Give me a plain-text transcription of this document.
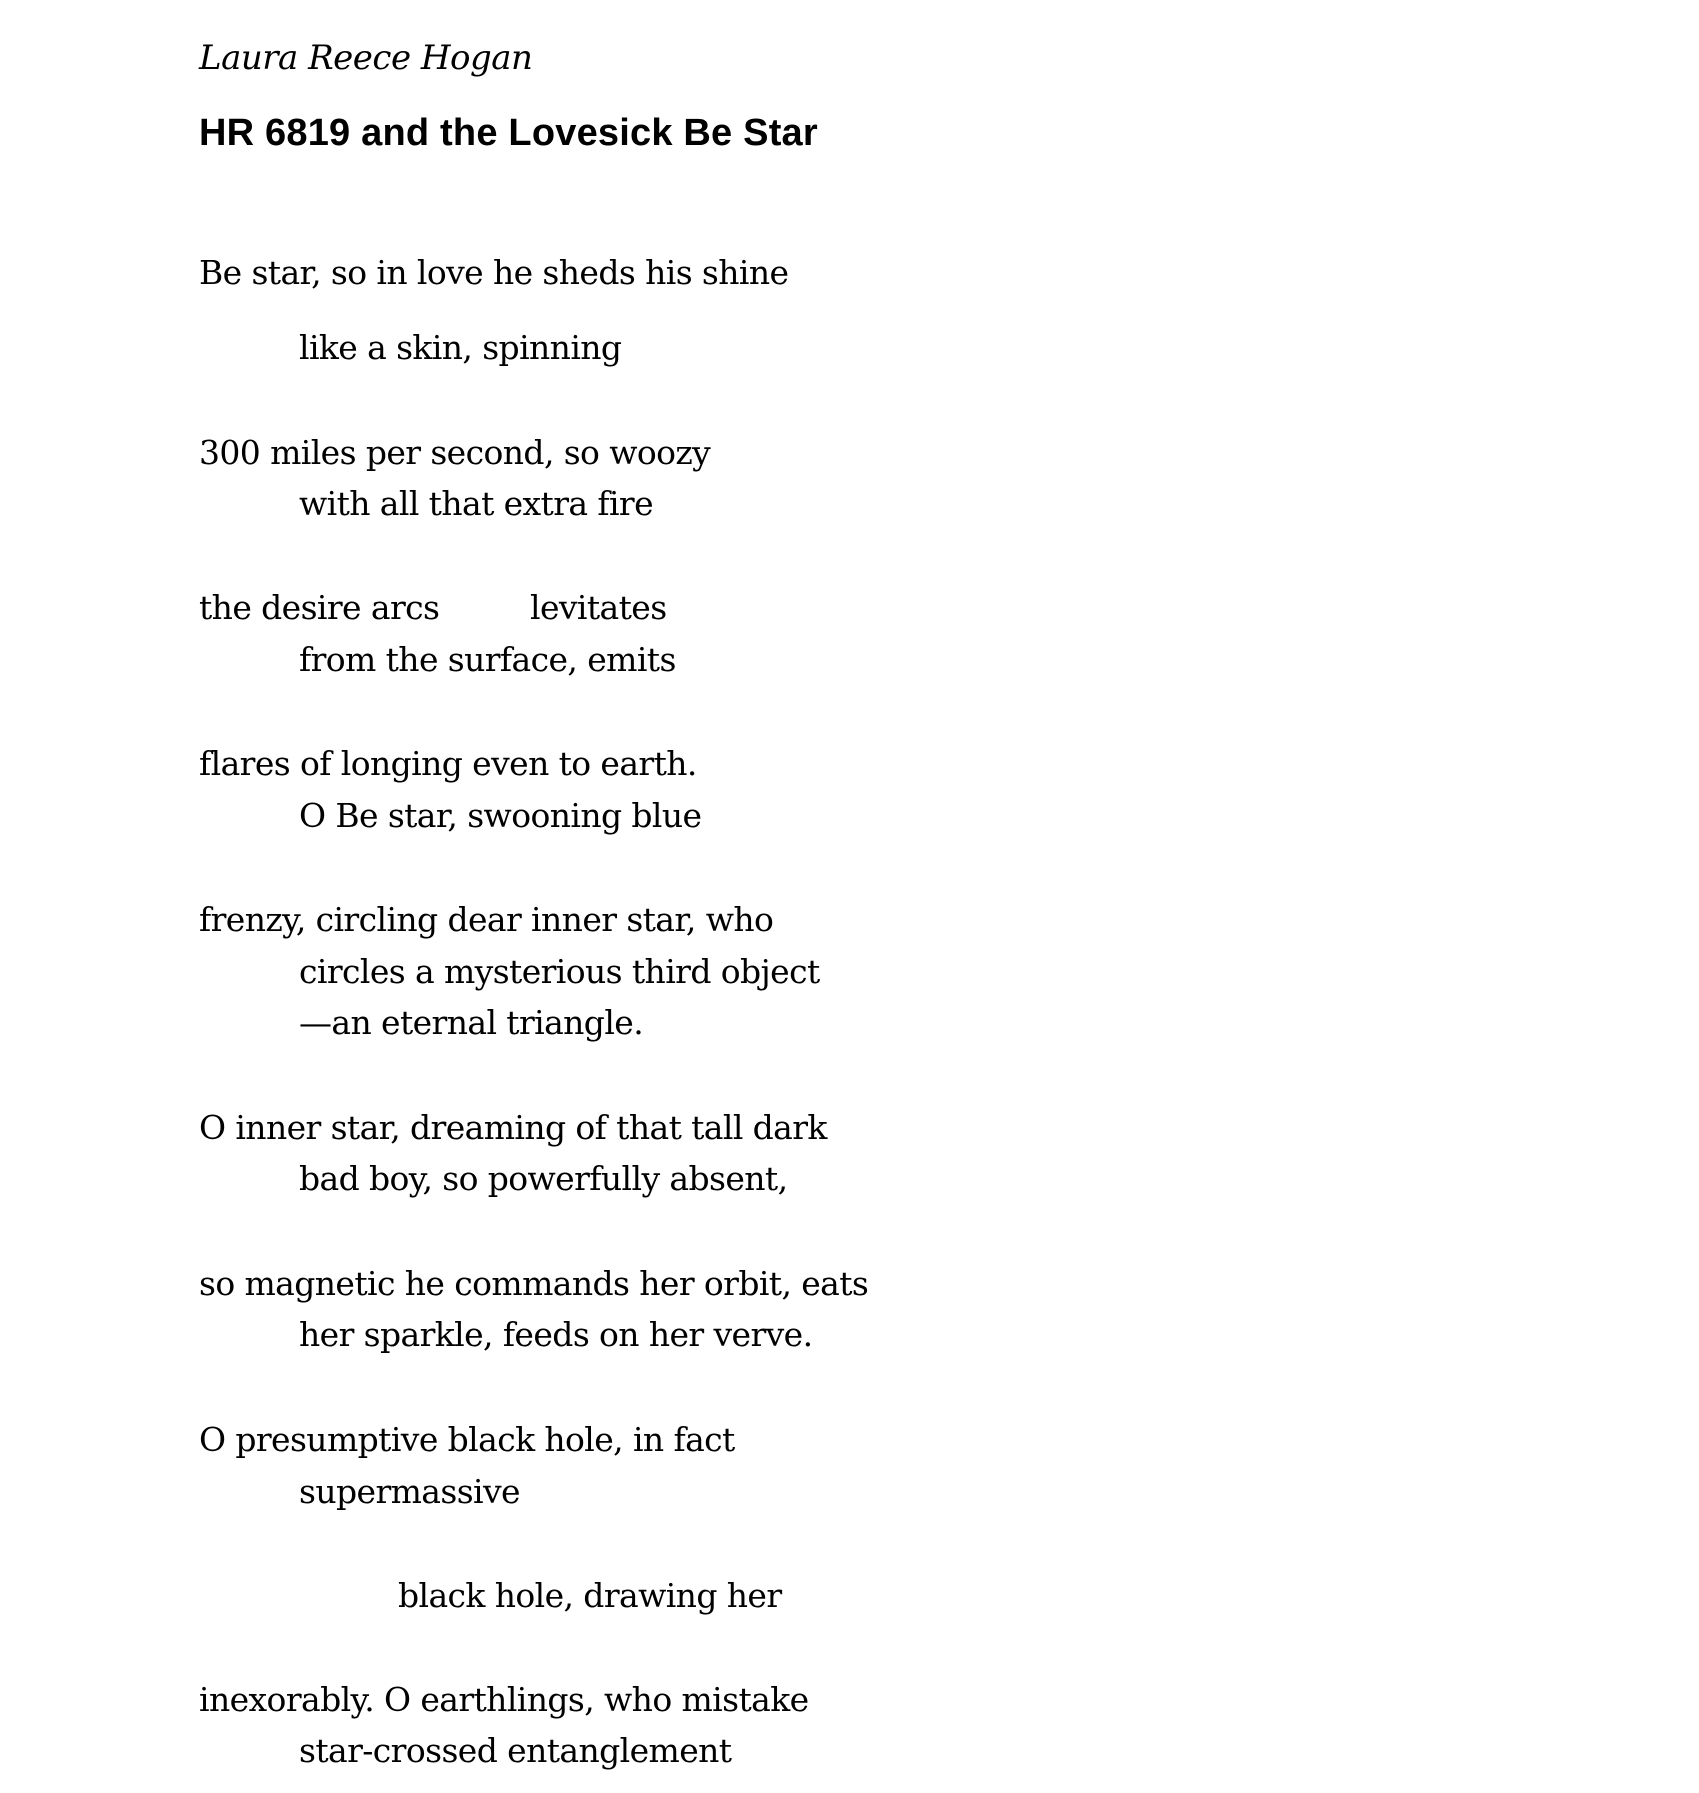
Laura Reece Hogan
HR 6819 and the Lovesick Be Star
Be star, so in love he sheds his shine
like a skin, spinning
300 miles per second, so woozy
with all that extra fire
the desire arcs	levitates
from the surface, emits
flares of longing even to earth.
O Be star, swooning blue
frenzy, circling dear inner star, who
circles a mysterious third object
—an eternal triangle.
O inner star, dreaming of that tall dark
bad boy, so powerfully absent,
so magnetic he commands her orbit, eats
her sparkle, feeds on her verve.
O presumptive black hole, in fact
supermassive
black hole, drawing her
inexorably. O earthlings, who mistake
star-crossed entanglement
